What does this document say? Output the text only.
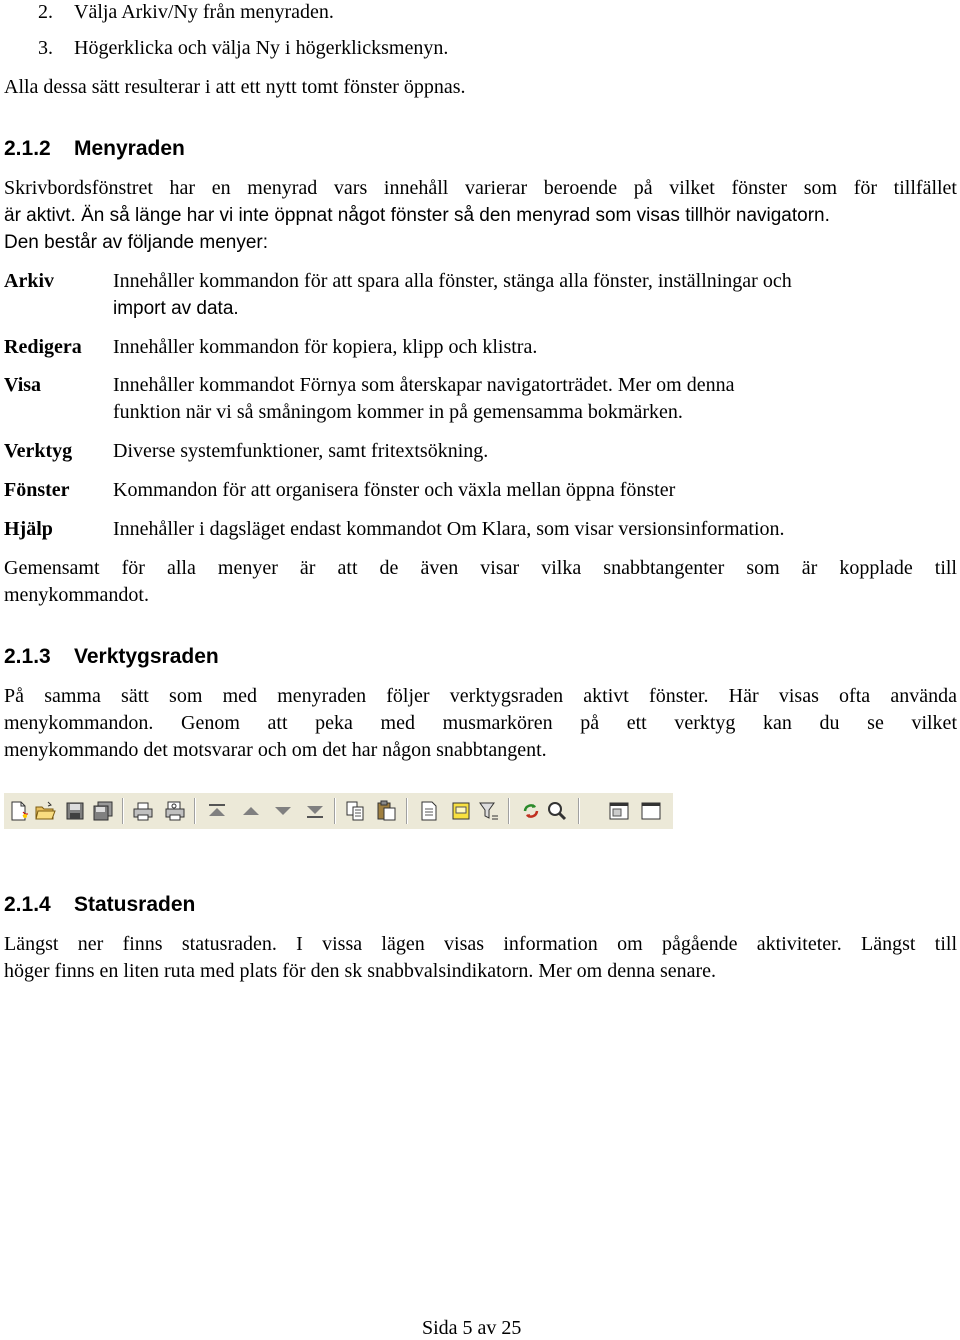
2. Välja Arkiv/Ny från menyraden.
3. Högerklicka och välja Ny i högerklicksmenyn.
Alla dessa sätt resulterar i att ett nytt tomt fönster öppnas.
2.1.2 Menyraden
Skrivbordsfönstret har en menyrad vars innehåll varierar beroende på vilket fönster som för tillfället
är aktivt. Än så länge har vi inte öppnat något fönster så den menyrad som visas tillhör navigatorn.
Den består av följande menyer:
Arkiv	Innehåller kommandon för att spara alla fönster, stänga alla fönster, inställningar och
import av data.
Redigera Innehåller kommandon för kopiera, klipp och klistra.
Visa	Innehåller kommandot Förnya som återskapar navigatorträdet. Mer om denna
funktion när vi så småningom kommer in på gemensamma bokmärken.
Verktyg Diverse systemfunktioner, samt fritextsökning.
Fönster Kommandon för att organisera fönster och växla mellan öppna fönster
Hjälp	Innehåller i dagsläget endast kommandot Om Klara, som visar versionsinformation.
Gemensamt för alla menyer är att de även visar vilka snabbtangenter som är kopplade till
menykommandot.
2.1.3 Verktygsraden
På samma sätt som med menyraden följer verktygsraden aktivt fönster. Här visas ofta använda
menykommandon. Genom att peka med musmarkören på ett verktyg kan du se vilket
menykommando det motsvarar och om det har någon snabbtangent.
2.1.4 Statusraden
Längst ner finns statusraden. I vissa lägen visas information om pågående aktiviteter. Längst till
höger finns en liten ruta med plats för den sk snabbvalsindikatorn. Mer om denna senare.
Sida 5 av 25
